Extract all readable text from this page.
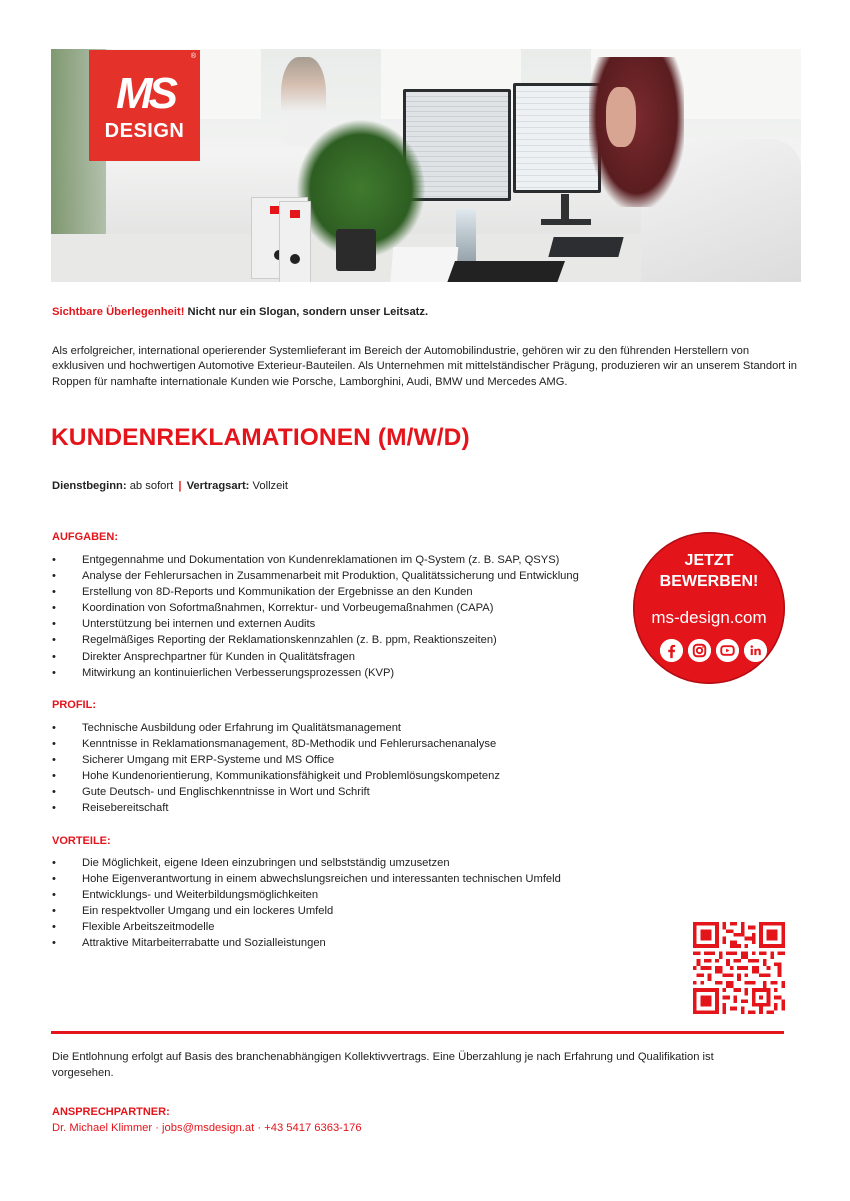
®
MS
DESIGN
Sichtbare Überlegenheit! Nicht nur ein Slogan, sondern unser Leitsatz.
Als erfolgreicher, international operierender Systemlieferant im Bereich der Automobilindustrie, gehören wir zu den führenden Herstellern von exklusiven und hochwertigen Automotive Exterieur-Bauteilen. Als Unternehmen mit mittelständischer Prägung, produzieren wir an unserem Standort in Roppen für namhafte internationale Kunden wie Porsche, Lamborghini, Audi, BMW und Mercedes AMG.
KUNDENREKLAMATIONEN (M/W/D)
Dienstbeginn: ab sofort | Vertragsart: Vollzeit
AUFGABEN:
• Entgegennahme und Dokumentation von Kundenreklamationen im Q-System (z. B. SAP, QSYS)
• Analyse der Fehlerursachen in Zusammenarbeit mit Produktion, Qualitätssicherung und Entwicklung
• Erstellung von 8D-Reports und Kommunikation der Ergebnisse an den Kunden
• Koordination von Sofortmaßnahmen, Korrektur- und Vorbeugemaßnahmen (CAPA)
• Unterstützung bei internen und externen Audits
• Regelmäßiges Reporting der Reklamationskennzahlen (z. B. ppm, Reaktionszeiten)
• Direkter Ansprechpartner für Kunden in Qualitätsfragen
• Mitwirkung an kontinuierlichen Verbesserungsprozessen (KVP)
PROFIL:
• Technische Ausbildung oder Erfahrung im Qualitätsmanagement
• Kenntnisse in Reklamationsmanagement, 8D-Methodik und Fehlerursachenanalyse
• Sicherer Umgang mit ERP-Systeme und MS Office
• Hohe Kundenorientierung, Kommunikationsfähigkeit und Problemlösungskompetenz
• Gute Deutsch- und Englischkenntnisse in Wort und Schrift
• Reisebereitschaft
VORTEILE:
• Die Möglichkeit, eigene Ideen einzubringen und selbstständig umzusetzen
• Hohe Eigenverantwortung in einem abwechslungsreichen und interessanten technischen Umfeld
• Entwicklungs- und Weiterbildungsmöglichkeiten
• Ein respektvoller Umgang und ein lockeres Umfeld
• Flexible Arbeitszeitmodelle
• Attraktive Mitarbeiterrabatte und Sozialleistungen
JETZT
BEWERBEN!
ms-design.com
Die Entlohnung erfolgt auf Basis des branchenabhängigen Kollektivvertrags. Eine Überzahlung je nach Erfahrung und Qualifikation ist vorgesehen.
ANSPRECHPARTNER:
Dr. Michael Klimmer · jobs@msdesign.at · +43 5417 6363-176
